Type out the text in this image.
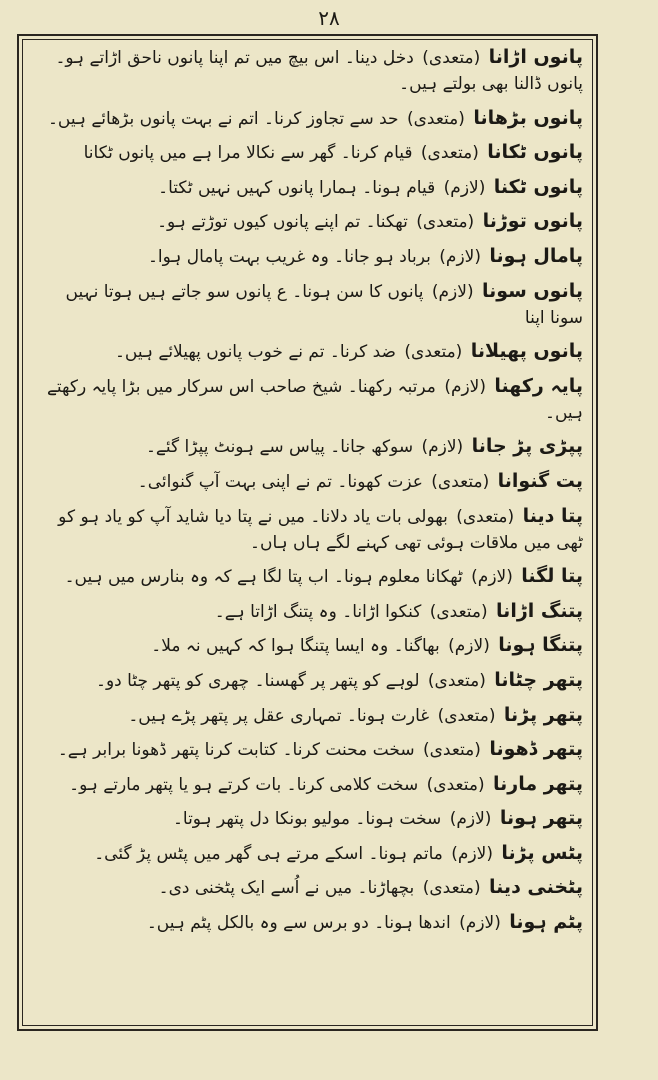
۲۸
پانوں اڑانا (متعدی) دخل دینا۔ اس بیچ میں تم اپنا پانوں ناحق اڑاتے ہو۔ پانوں ڈالنا بھی بولتے ہیں۔
پانوں بڑھانا (متعدی) حد سے تجاوز کرنا۔ اتم نے بہت پانوں بڑھائے ہیں۔
پانوں ٹکانا (متعدی) قیام کرنا۔ گھر سے نکالا مرا ہے میں پانوں ٹکانا
پانوں ٹکنا (لازم) قیام ہونا۔ ہمارا پانوں کہیں نہیں ٹکتا۔
پانوں توڑنا (متعدی) تھکنا۔ تم اپنے پانوں کیوں توڑتے ہو۔
پامال ہونا (لازم) برباد ہو جانا۔ وہ غریب بہت پامال ہوا۔
پانوں سونا (لازم) پانوں کا سن ہونا۔ ع پانوں سو جاتے ہیں ہوتا نہیں سونا اپنا
پانوں پھیلانا (متعدی) ضد کرنا۔ تم نے خوب پانوں پھیلائے ہیں۔
پایہ رکھنا (لازم) مرتبہ رکھنا۔ شیخ صاحب اس سرکار میں بڑا پایہ رکھتے ہیں۔
پپڑی پڑ جانا (لازم) سوکھ جانا۔ پیاس سے ہونٹ پپڑا گئے۔
پت گنوانا (متعدی) عزت کھونا۔ تم نے اپنی بہت آپ گنوائی۔
پتا دینا (متعدی) بھولی بات یاد دلانا۔ میں نے پتا دیا شاید آپ کو یاد ہو کو ٹھی میں ملاقات ہوئی تھی کہنے لگے ہاں ہاں۔
پتا لگنا (لازم) ٹھکانا معلوم ہونا۔ اب پتا لگا ہے کہ وہ بنارس میں ہیں۔
پتنگ اڑانا (متعدی) کنکوا اڑانا۔ وہ پتنگ اڑاتا ہے۔
پتنگا ہونا (لازم) بھاگنا۔ وہ ایسا پتنگا ہوا کہ کہیں نہ ملا۔
پتھر چٹانا (متعدی) لوہے کو پتھر پر گھسنا۔ چھری کو پتھر چٹا دو۔
پتھر پڑنا (متعدی) غارت ہونا۔ تمہاری عقل پر پتھر پڑے ہیں۔
پتھر ڈھونا (متعدی) سخت محنت کرنا۔ کتابت کرنا پتھر ڈھونا برابر ہے۔
پتھر مارنا (متعدی) سخت کلامی کرنا۔ بات کرتے ہو یا پتھر مارتے ہو۔
پتھر ہونا (لازم) سخت ہونا۔ مولیو بونکا دل پتھر ہوتا۔
پٹس پڑنا (لازم) ماتم ہونا۔ اسکے مرتے ہی گھر میں پٹس پڑ گئی۔
پٹخنی دینا (متعدی) بچھاڑنا۔ میں نے اُسے ایک پٹخنی دی۔
پٹم ہونا (لازم) اندھا ہونا۔ دو برس سے وہ بالکل پٹم ہیں۔
